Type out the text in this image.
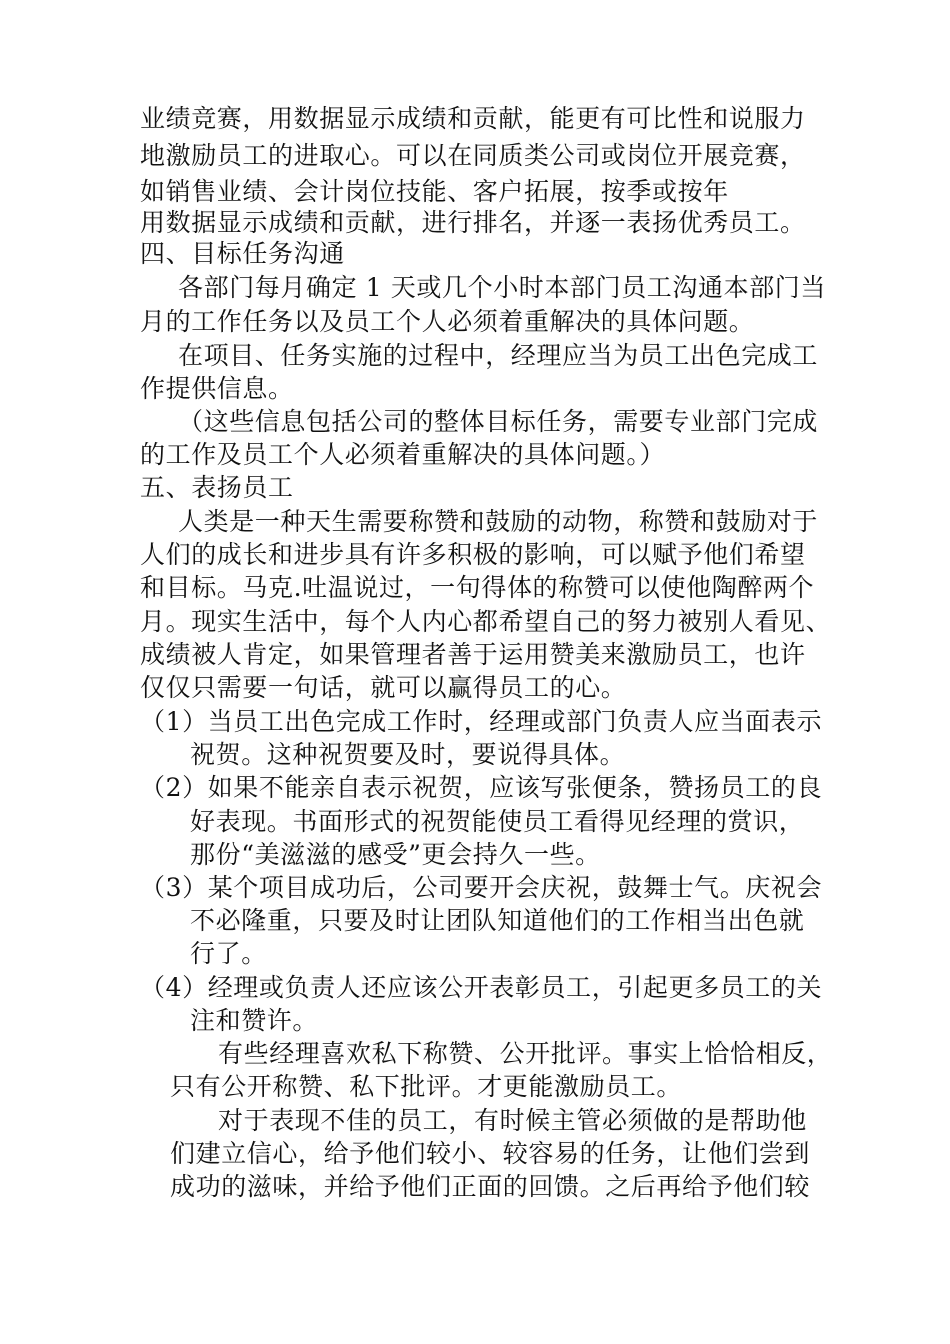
业绩竞赛，用数据显示成绩和贡献，能更有可比性和说服力
地激励员工的进取心。可以在同质类公司或岗位开展竞赛，
如销售业绩、会计岗位技能、客户拓展，按季或按年
用数据显示成绩和贡献，进行排名，并逐一表扬优秀员工。
四、目标任务沟通
各部门每月确定 1 天或几个小时本部门员工沟通本部门当
月的工作任务以及员工个人必须着重解决的具体问题。
在项目、任务实施的过程中，经理应当为员工出色完成工
作提供信息。
（这些信息包括公司的整体目标任务，需要专业部门完成
的工作及员工个人必须着重解决的具体问题。）
五、表扬员工
人类是一种天生需要称赞和鼓励的动物，称赞和鼓励对于
人们的成长和进步具有许多积极的影响，可以赋予他们希望
和目标。马克.吐温说过，一句得体的称赞可以使他陶醉两个
月。现实生活中，每个人内心都希望自己的努力被别人看见、
成绩被人肯定，如果管理者善于运用赞美来激励员工，也许
仅仅只需要一句话，就可以赢得员工的心。
（1）当员工出色完成工作时，经理或部门负责人应当面表示
祝贺。这种祝贺要及时，要说得具体。
（2）如果不能亲自表示祝贺，应该写张便条，赞扬员工的良
好表现。书面形式的祝贺能使员工看得见经理的赏识，
那份“美滋滋的感受”更会持久一些。
（3）某个项目成功后，公司要开会庆祝，鼓舞士气。庆祝会
不必隆重，只要及时让团队知道他们的工作相当出色就
行了。
（4）经理或负责人还应该公开表彰员工，引起更多员工的关
注和赞许。
有些经理喜欢私下称赞、公开批评。事实上恰恰相反，
只有公开称赞、私下批评。才更能激励员工。
对于表现不佳的员工，有时候主管必须做的是帮助他
们建立信心，给予他们较小、较容易的任务，让他们尝到
成功的滋味，并给予他们正面的回馈。之后再给予他们较
